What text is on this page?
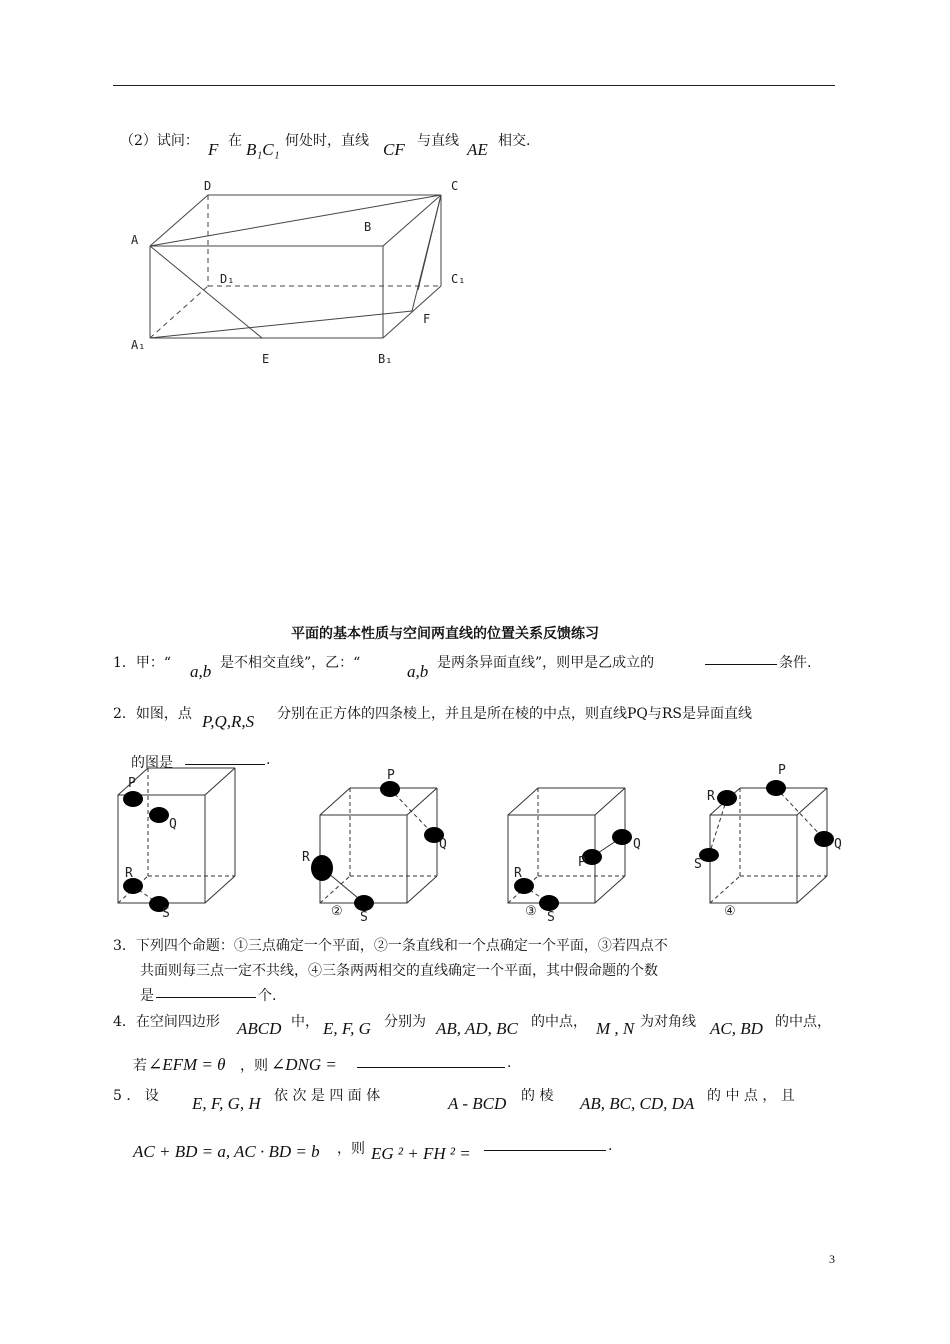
（2）试问： F 在 B₁C₁ 何处时，直线 CF 与直线 AE 相交.
D	C
A
B
D₁	C₁
F
A₁
E	B₁
平面的基本性质与空间两直线的位置关系反馈练习
1．甲：“ a,b 是不相交直线”，乙：“	a,b 是两条异面直线”，则甲是乙成立的	条件.
2．如图，点 P,Q,R,S 分别在正方体的四条棱上，并且是所在棱的中点，则直线PQ与RS是异面直线
的图是	.
P
Q
R
S
P
Q
R
S
②
P
Q
R
S
③
P
Q
R
S
④
3．下列四个命题：①三点确定一个平面，②一条直线和一个点确定一个平面，③若四点不
共面则每三点一定不共线，④三条两两相交的直线确定一个平面，其中假命题的个数
是	个.
4．在空间四边形 ABCD 中， E, F, G 分别为 AB, AD, BC 的中点， M , N 为对角线 AC, BD 的中点，
若 ∠EFM = θ ，则 ∠DNG =	.
5 ． 设 E, F, G, H 依 次 是 四 面 体	A - BCD 的 棱 AB, BC, CD, DA 的 中 点 ， 且
AC + BD = a, AC · BD = b ，则 EG ² + FH ² =	.
3
